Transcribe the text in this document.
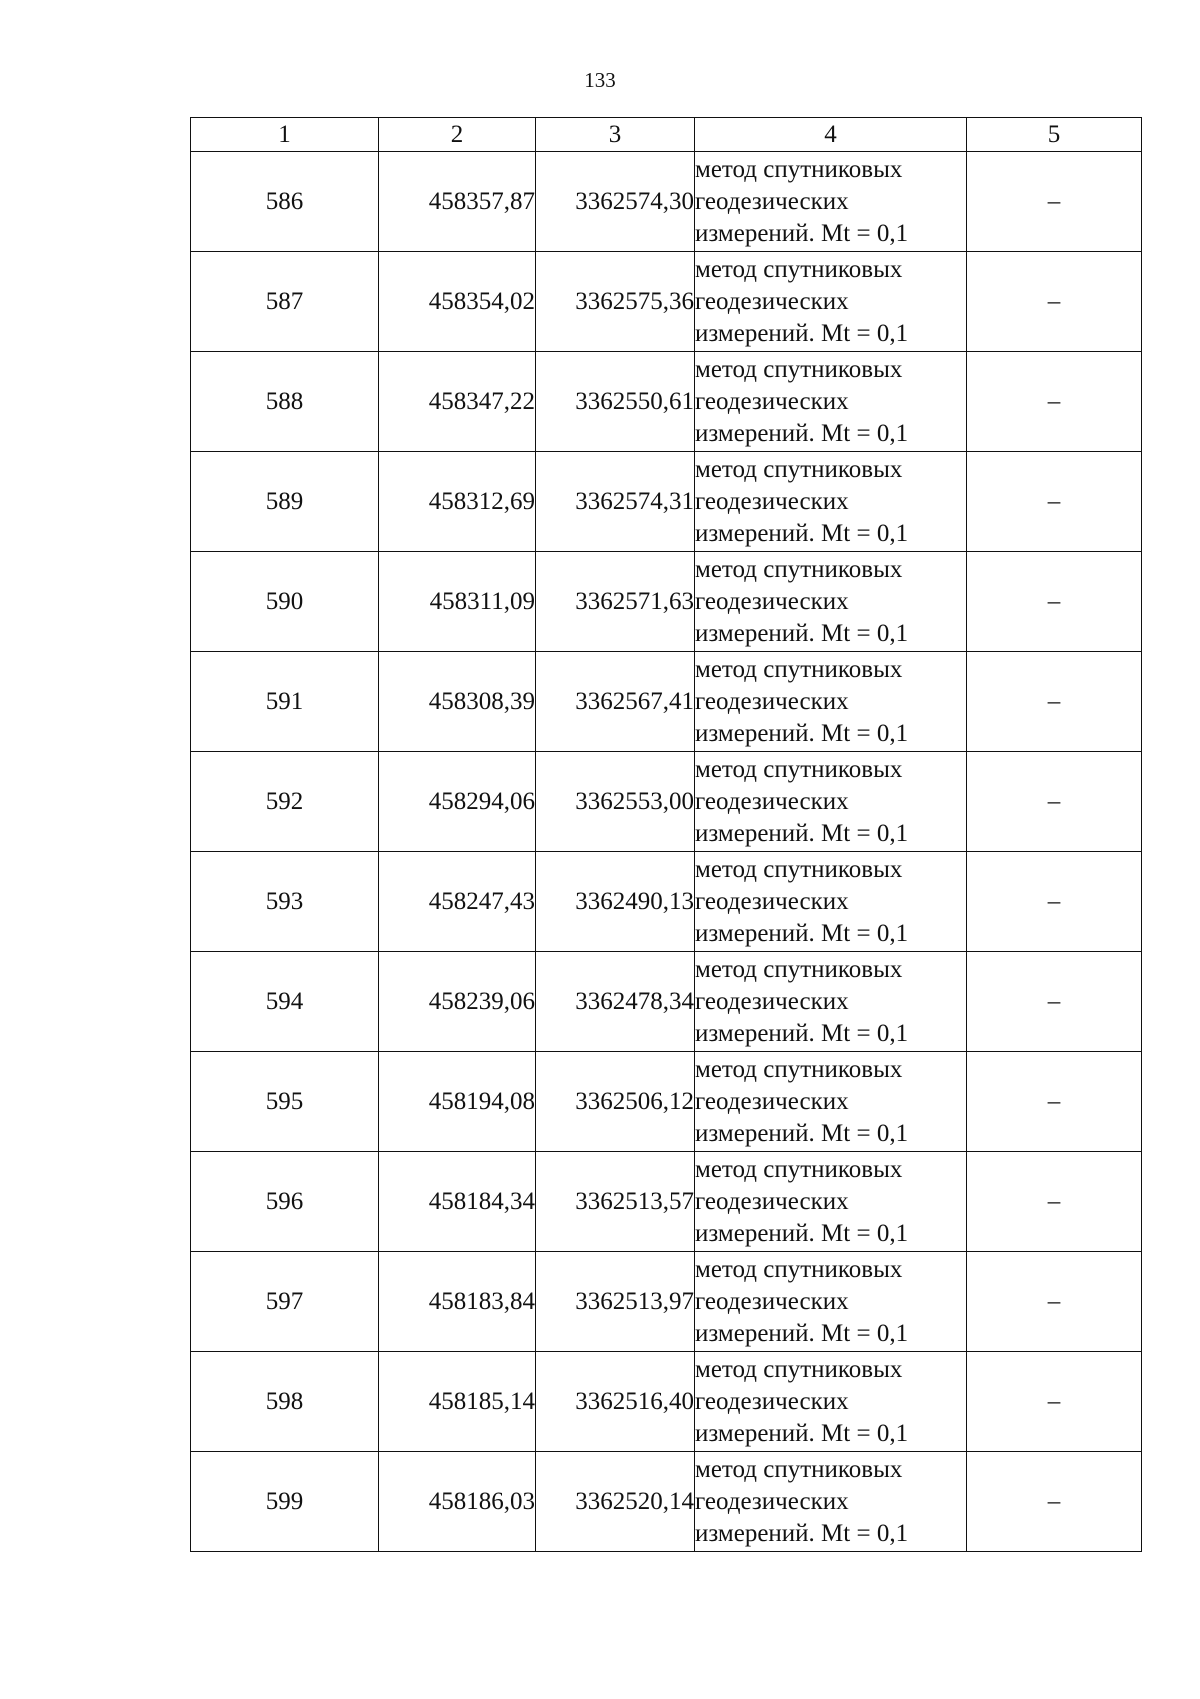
133
1	2	3	4	5
586	458357,87	3362574,30	метод спутниковых геодезических измерений. Mt = 0,1	–
587	458354,02	3362575,36	метод спутниковых геодезических измерений. Mt = 0,1	–
588	458347,22	3362550,61	метод спутниковых геодезических измерений. Mt = 0,1	–
589	458312,69	3362574,31	метод спутниковых геодезических измерений. Mt = 0,1	–
590	458311,09	3362571,63	метод спутниковых геодезических измерений. Mt = 0,1	–
591	458308,39	3362567,41	метод спутниковых геодезических измерений. Mt = 0,1	–
592	458294,06	3362553,00	метод спутниковых геодезических измерений. Mt = 0,1	–
593	458247,43	3362490,13	метод спутниковых геодезических измерений. Mt = 0,1	–
594	458239,06	3362478,34	метод спутниковых геодезических измерений. Mt = 0,1	–
595	458194,08	3362506,12	метод спутниковых геодезических измерений. Mt = 0,1	–
596	458184,34	3362513,57	метод спутниковых геодезических измерений. Mt = 0,1	–
597	458183,84	3362513,97	метод спутниковых геодезических измерений. Mt = 0,1	–
598	458185,14	3362516,40	метод спутниковых геодезических измерений. Mt = 0,1	–
599	458186,03	3362520,14	метод спутниковых геодезических измерений. Mt = 0,1	–
